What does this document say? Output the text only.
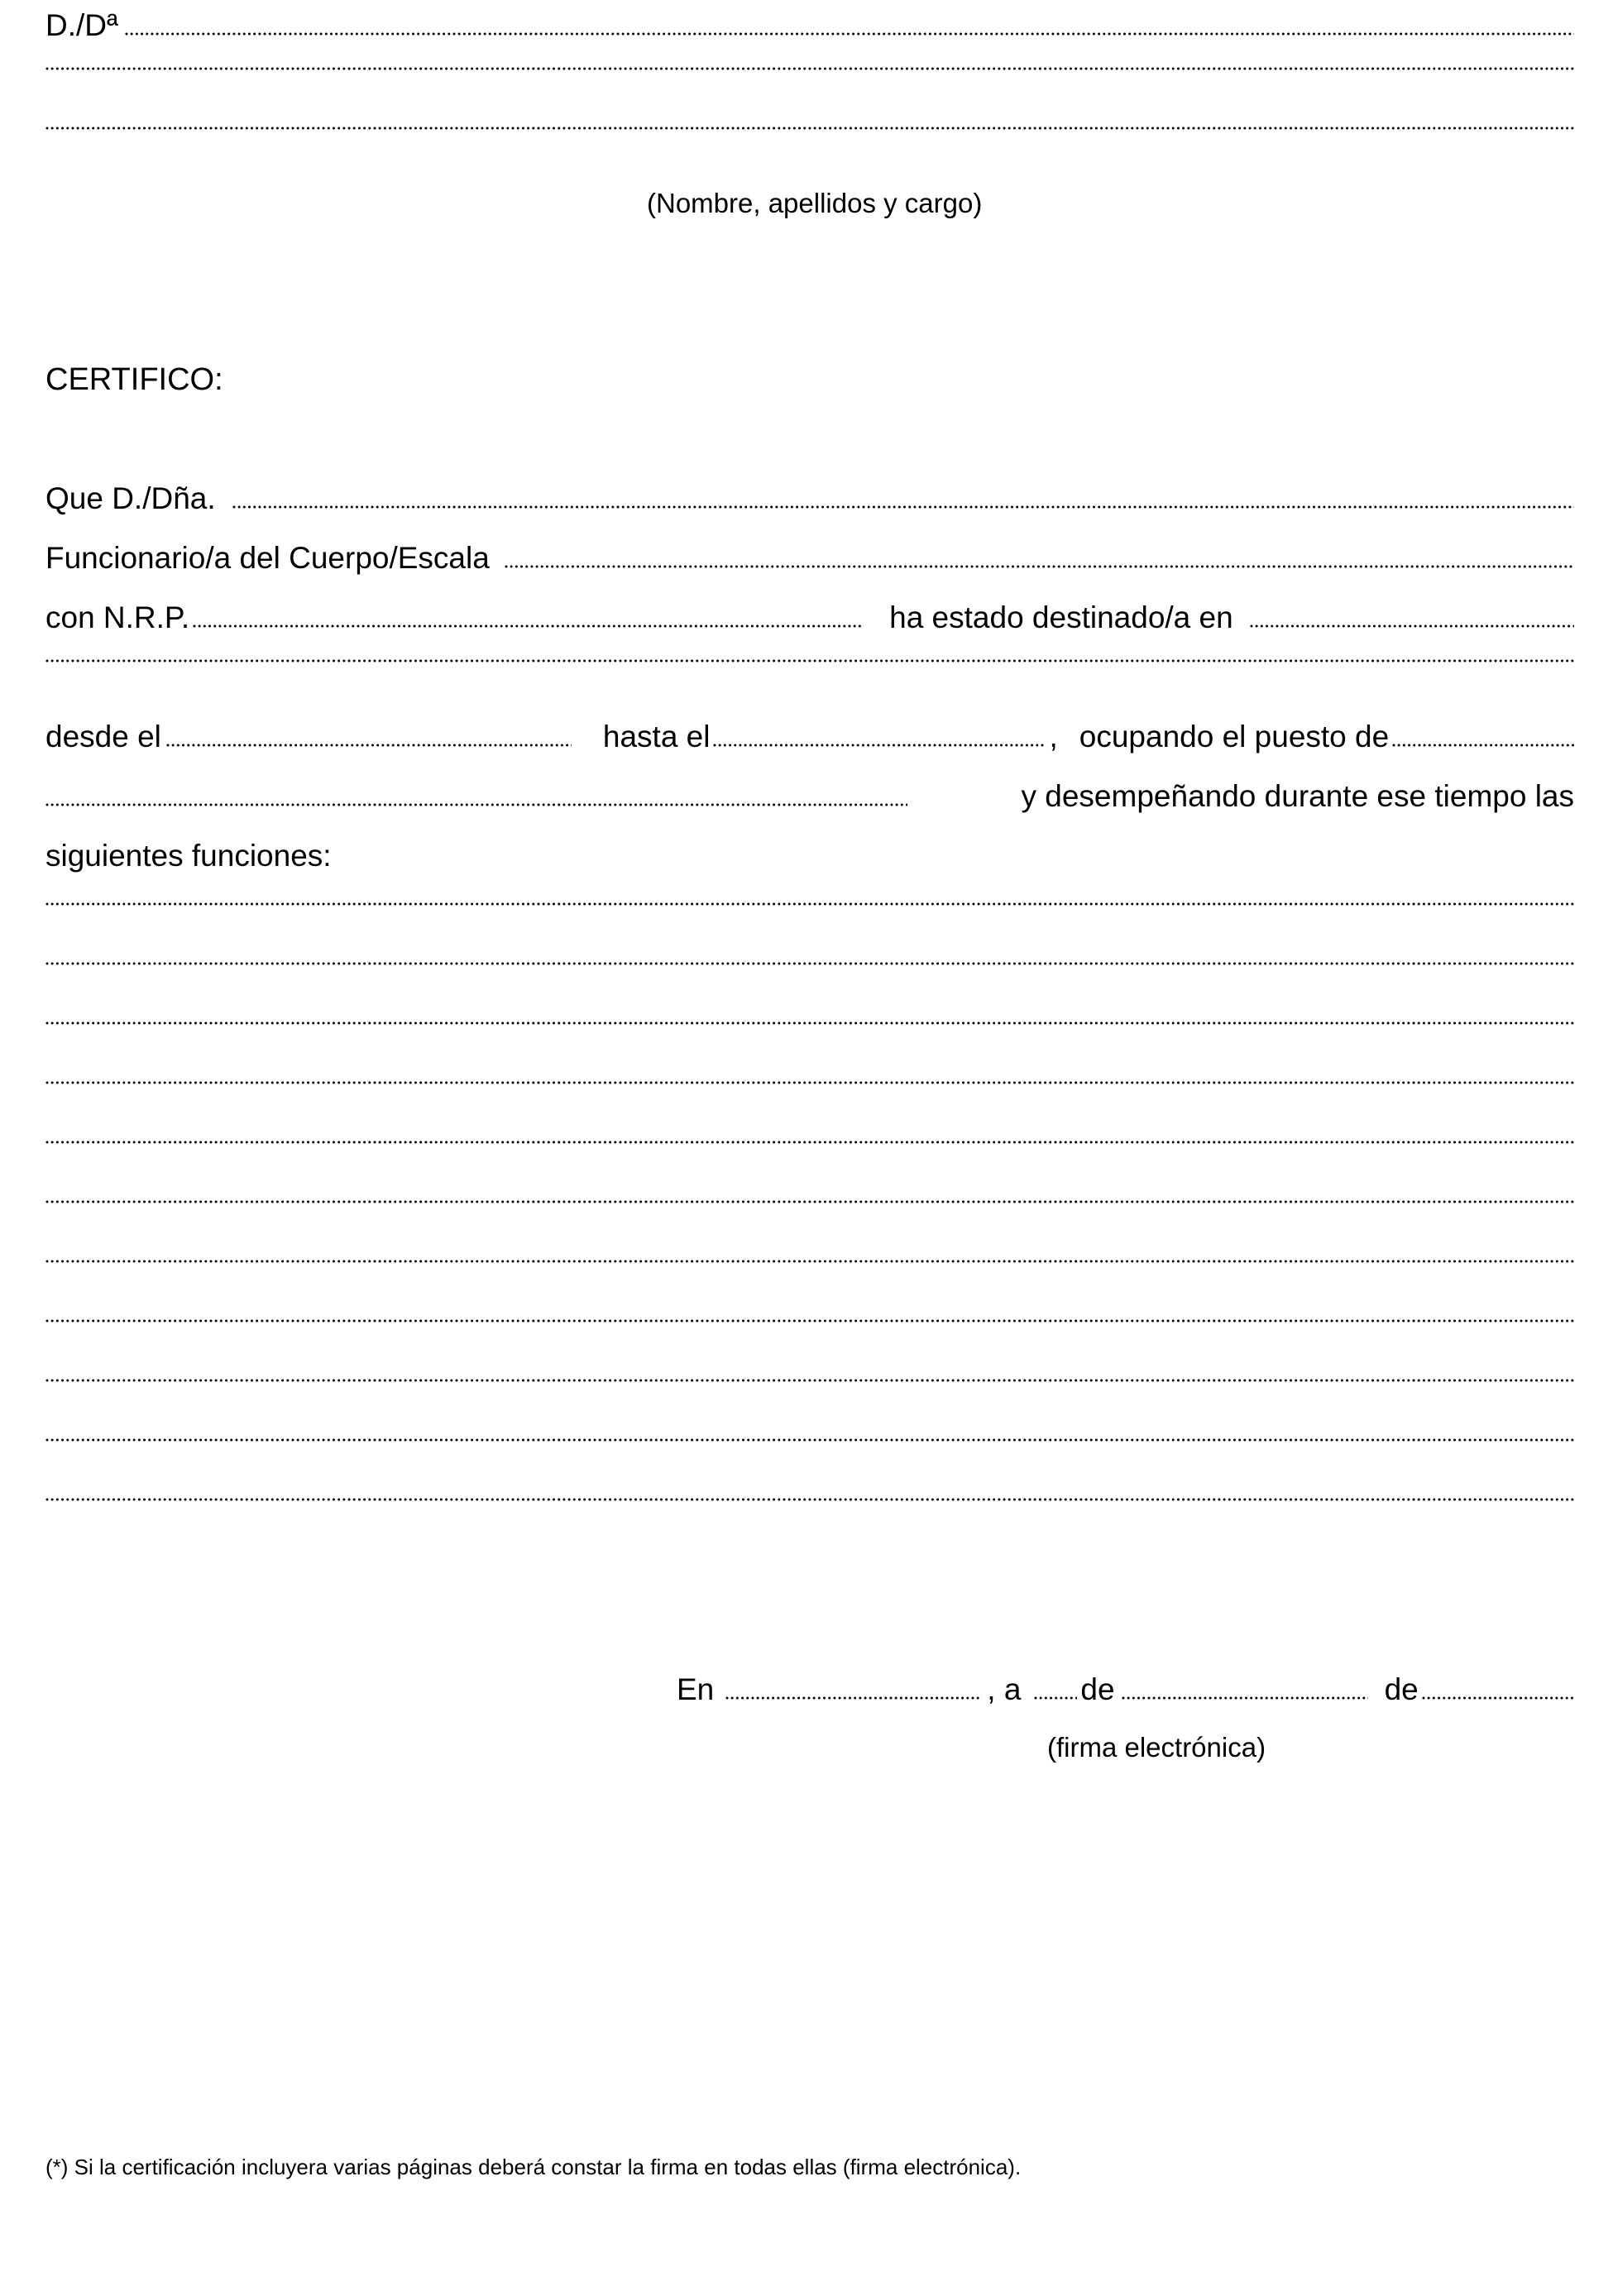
D./Dª
(Nombre, apellidos y cargo)
CERTIFICO:
Que D./Dña.
Funcionario/a del Cuerpo/Escala
con N.R.P.	ha estado destinado/a en
desde el	hasta el	, ocupando el puesto de
y desempeñando durante ese tiempo las
siguientes funciones:
En	, a de	de
(firma electrónica)
(*) Si la certificación incluyera varias páginas deberá constar la firma en todas ellas (firma electrónica).
